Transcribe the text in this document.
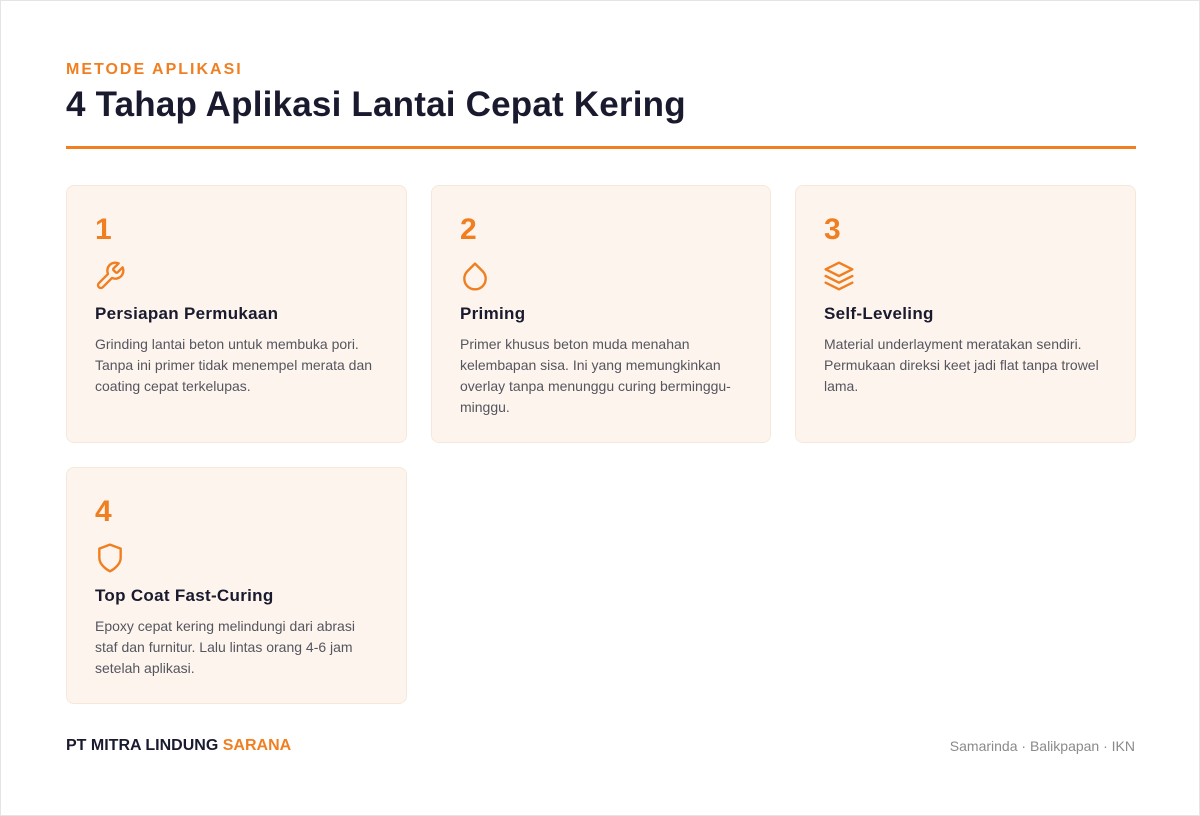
METODE APLIKASI
4 Tahap Aplikasi Lantai Cepat Kering
1
Persiapan Permukaan
Grinding lantai beton untuk membuka pori. Tanpa ini primer tidak menempel merata dan coating cepat terkelupas.
2
Priming
Primer khusus beton muda menahan kelembapan sisa. Ini yang memungkinkan overlay tanpa menunggu curing berminggu-minggu.
3
Self-Leveling
Material underlayment meratakan sendiri. Permukaan direksi keet jadi flat tanpa trowel lama.
4
Top Coat Fast-Curing
Epoxy cepat kering melindungi dari abrasi staf dan furnitur. Lalu lintas orang 4-6 jam setelah aplikasi.
PT MITRA LINDUNG SARANA	Samarinda · Balikpapan · IKN
